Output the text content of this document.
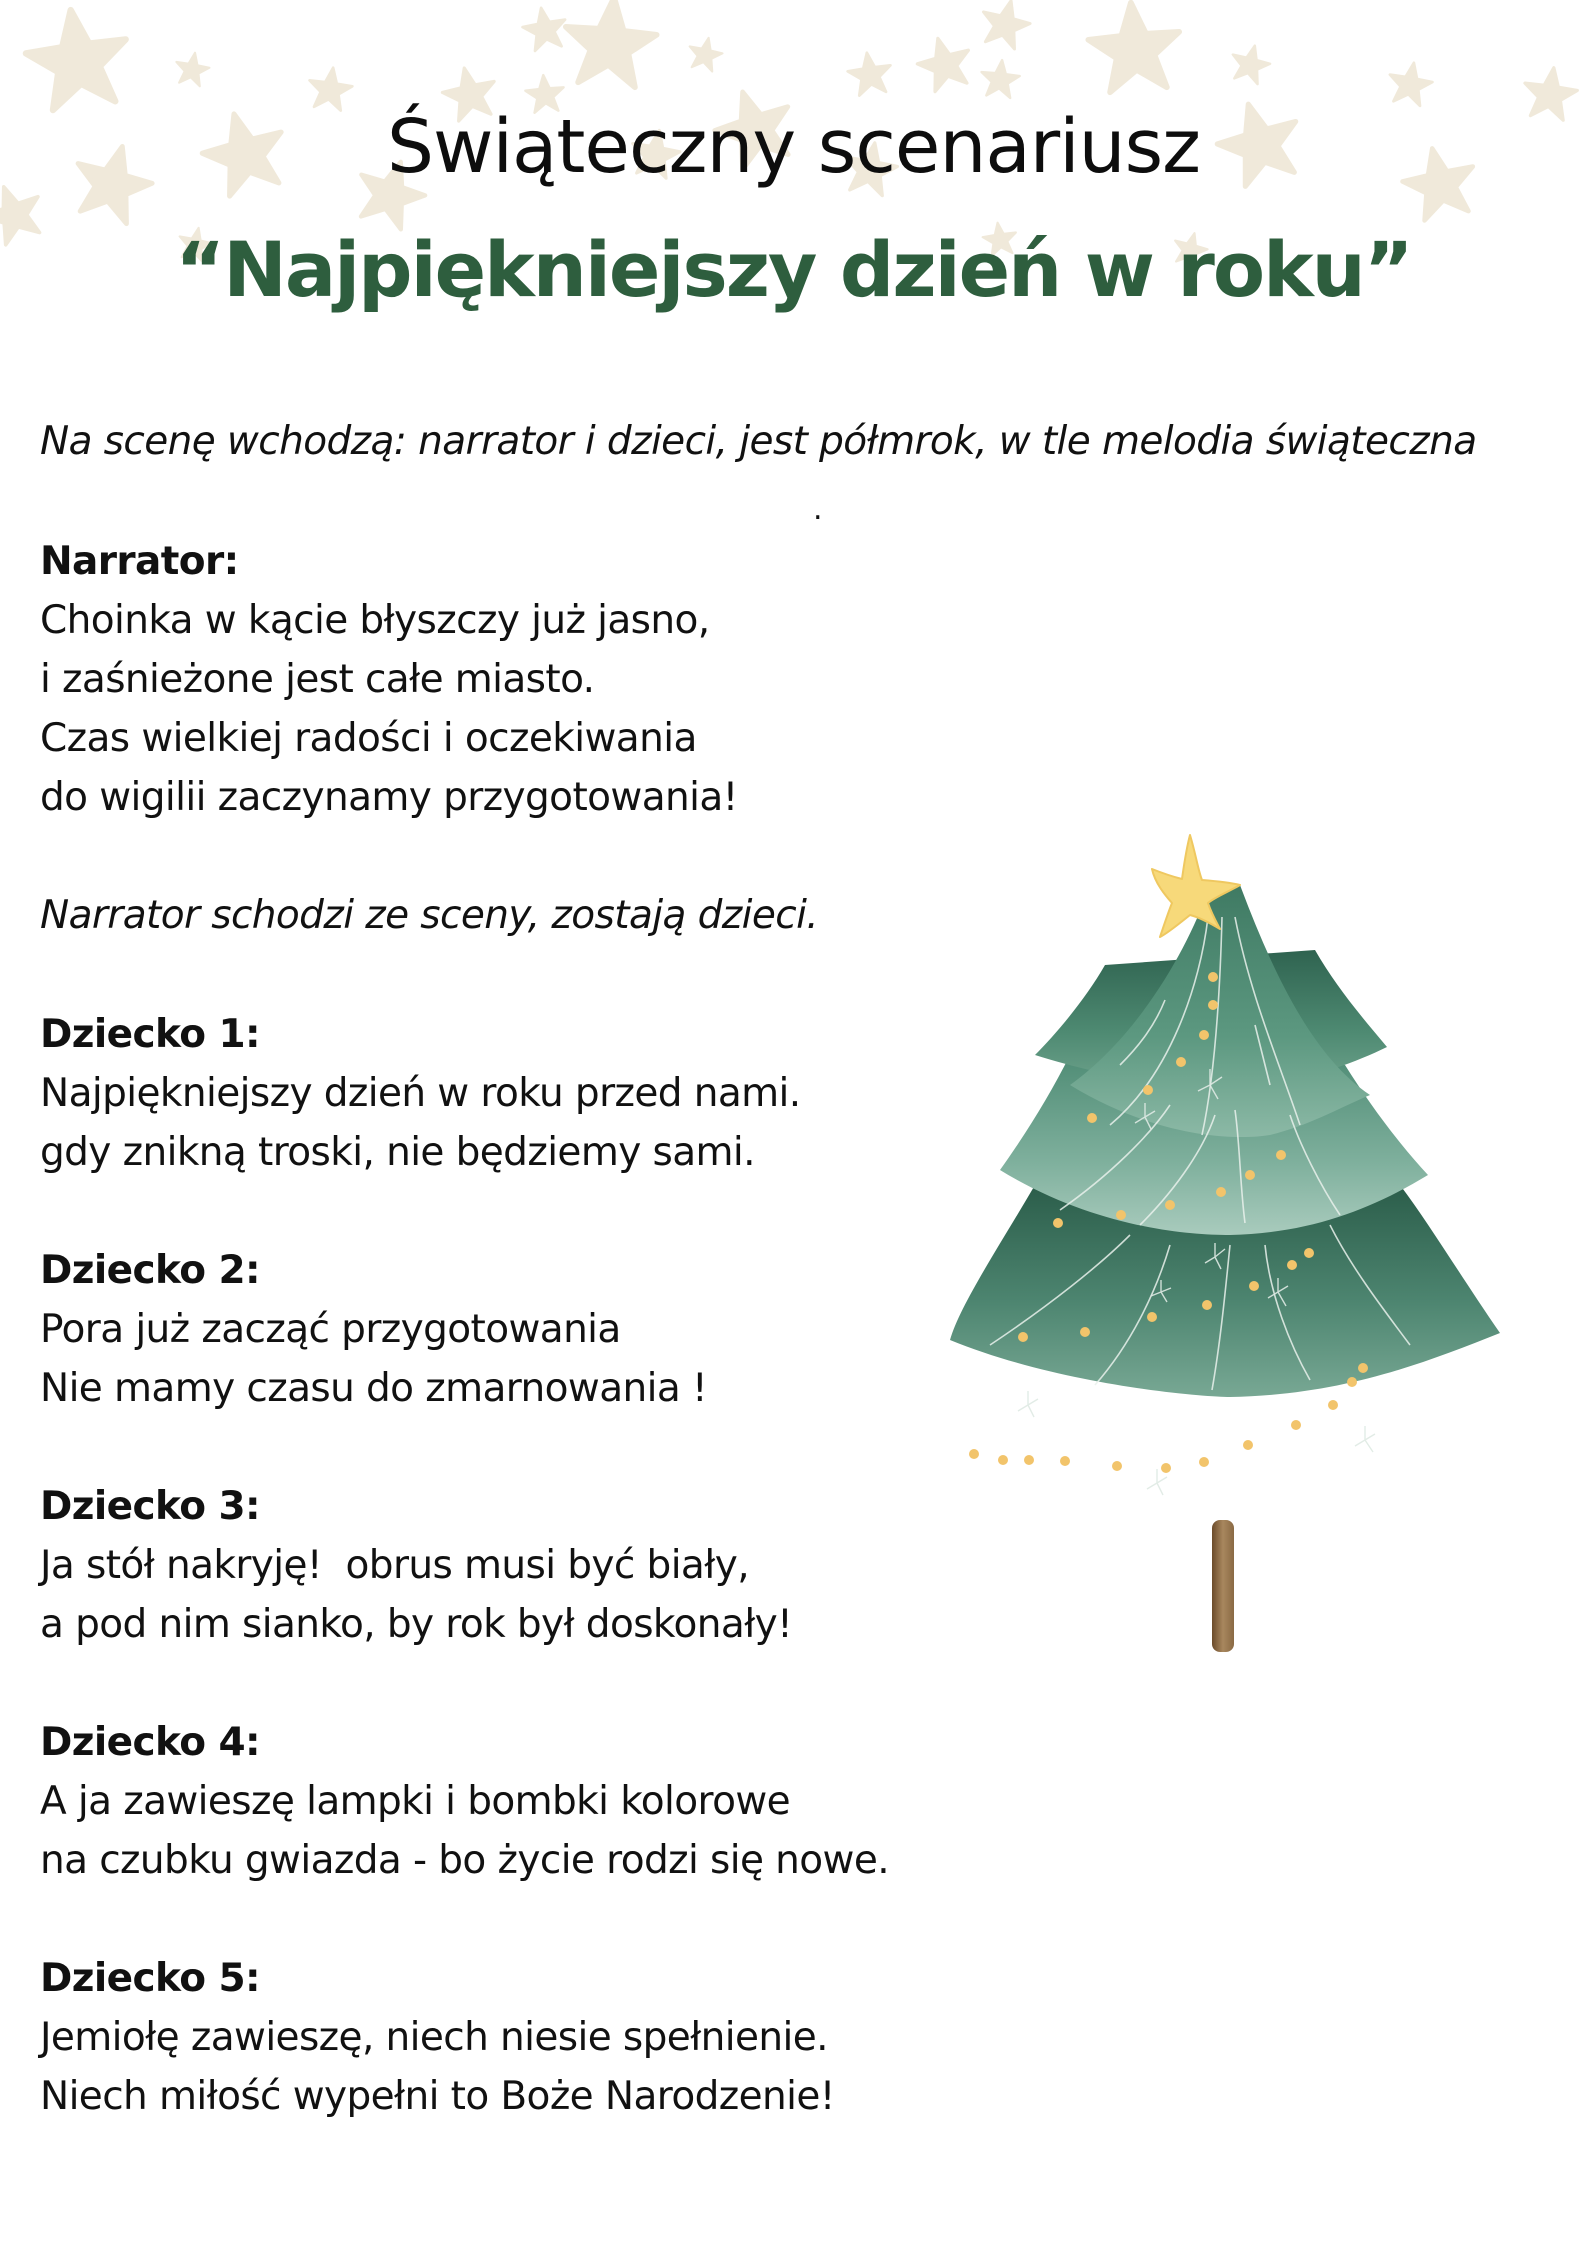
Świąteczny scenariusz
“Najpiękniejszy dzień w roku”
Na scenę wchodzą: narrator i dzieci, jest półmrok, w tle melodia świąteczna
.
Narrator:
Choinka w kącie błyszczy już jasno,
i zaśnieżone jest całe miasto.
Czas wielkiej radości i oczekiwania
do wigilii zaczynamy przygotowania!
Narrator schodzi ze sceny, zostają dzieci.
Dziecko 1:
Najpiękniejszy dzień w roku przed nami.
gdy znikną troski, nie będziemy sami.
Dziecko 2:
Pora już zacząć przygotowania
Nie mamy czasu do zmarnowania !
Dziecko 3:
Ja stół nakryję!  obrus musi być biały,
a pod nim sianko, by rok był doskonały!
Dziecko 4:
A ja zawieszę lampki i bombki kolorowe
na czubku gwiazda - bo życie rodzi się nowe.
Dziecko 5:
Jemiołę zawieszę, niech niesie spełnienie.
Niech miłość wypełni to Boże Narodzenie!
